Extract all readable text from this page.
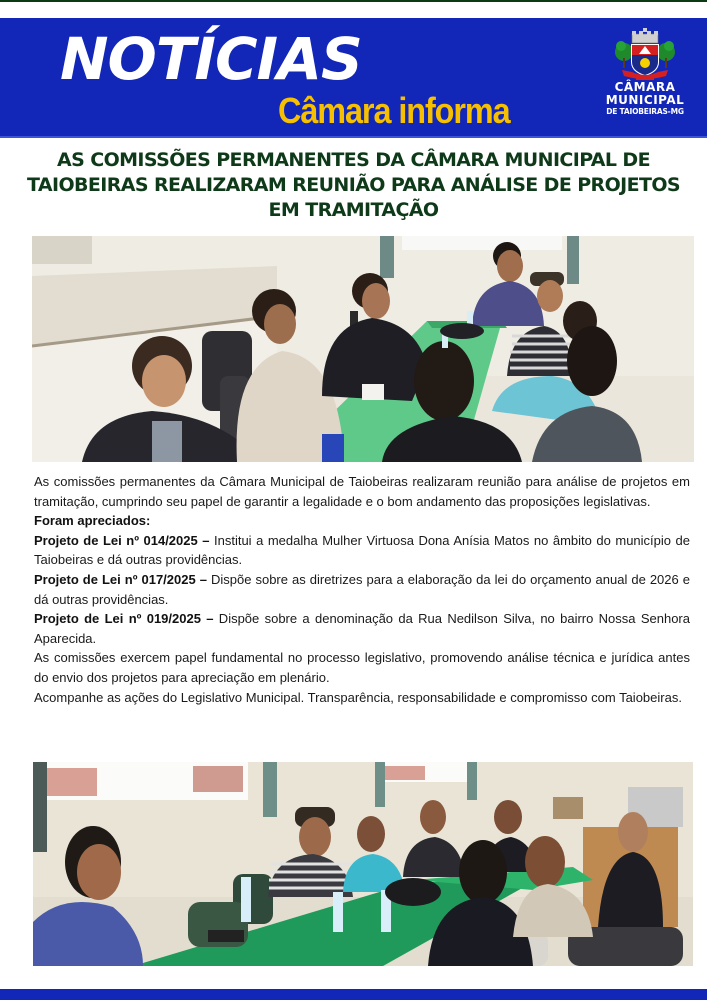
NOTÍCIAS
Câmara informa
CÂMARA
MUNICIPAL
DE TAIOBEIRAS-MG
AS COMISSÕES PERMANENTES DA CÂMARA MUNICIPAL DE
TAIOBEIRAS REALIZARAM REUNIÃO PARA ANÁLISE DE PROJETOS
EM TRAMITAÇÃO

As comissões permanentes da Câmara Municipal de Taiobeiras realizaram reunião para análise de projetos em tramitação, cumprindo seu papel de garantir a legalidade e o bom andamento das proposições legislativas.

Foram apreciados:

Projeto de Lei nº 014/2025 – Institui a medalha Mulher Virtuosa Dona Anísia Matos no âmbito do município de Taiobeiras e dá outras providências.

Projeto de Lei nº 017/2025 – Dispõe sobre as diretrizes para a elaboração da lei do orçamento anual de 2026 e dá outras providências.

Projeto de Lei nº 019/2025 – Dispõe sobre a denominação da Rua Nedilson Silva, no bairro Nossa Senhora Aparecida.

As comissões exercem papel fundamental no processo legislativo, promovendo análise técnica e jurídica antes do envio dos projetos para apreciação em plenário.

Acompanhe as ações do Legislativo Municipal. Transparência, responsabilidade e compromisso com Taiobeiras.
